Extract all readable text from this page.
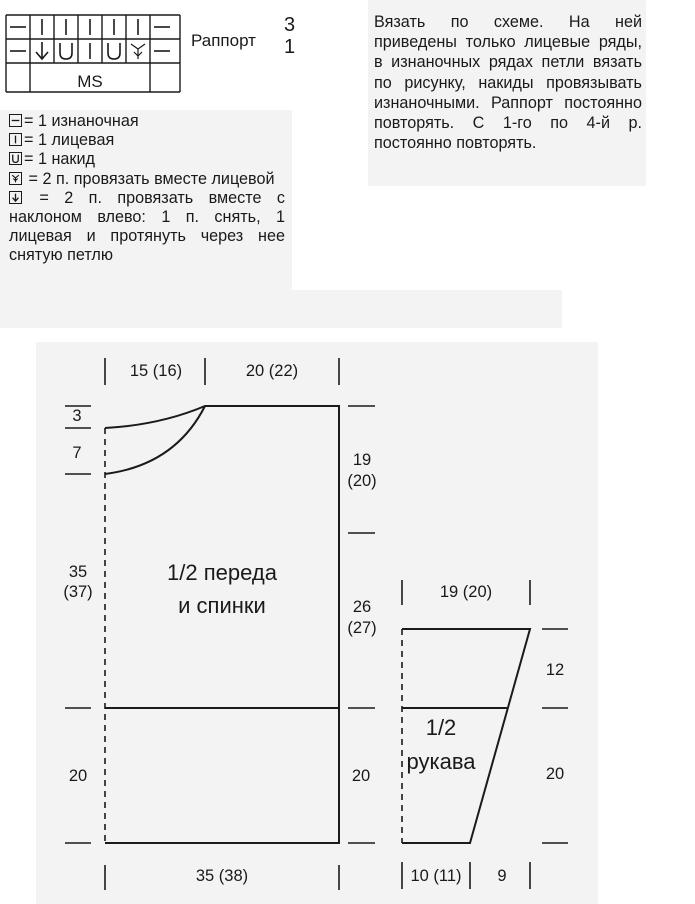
Вязать по схеме. На ней приведены только лицевые ряды, в изнаночных рядах петли вязать по рисунку, накиды провязывать изнаночными. Раппорт постоянно повторять. С 1-го по 4-й р. постоянно повторять.

MS
Раппорт
3
1
= 1 изнаночная
= 1 лицевая
= 1 накид
= 2 п. провязать вместе лицевой
= 2 п. провязать вместе с наклоном влево: 1 п. снять, 1 лицевая и протянуть через нее снятую петлю
15 (16)	20 (22)
3
7
35
(37)
20
19
(20)
26
(27)
20
35 (38)
19 (20)
12
20
10 (11) 9
1/2 переда
и спинки
1/2
рукава
